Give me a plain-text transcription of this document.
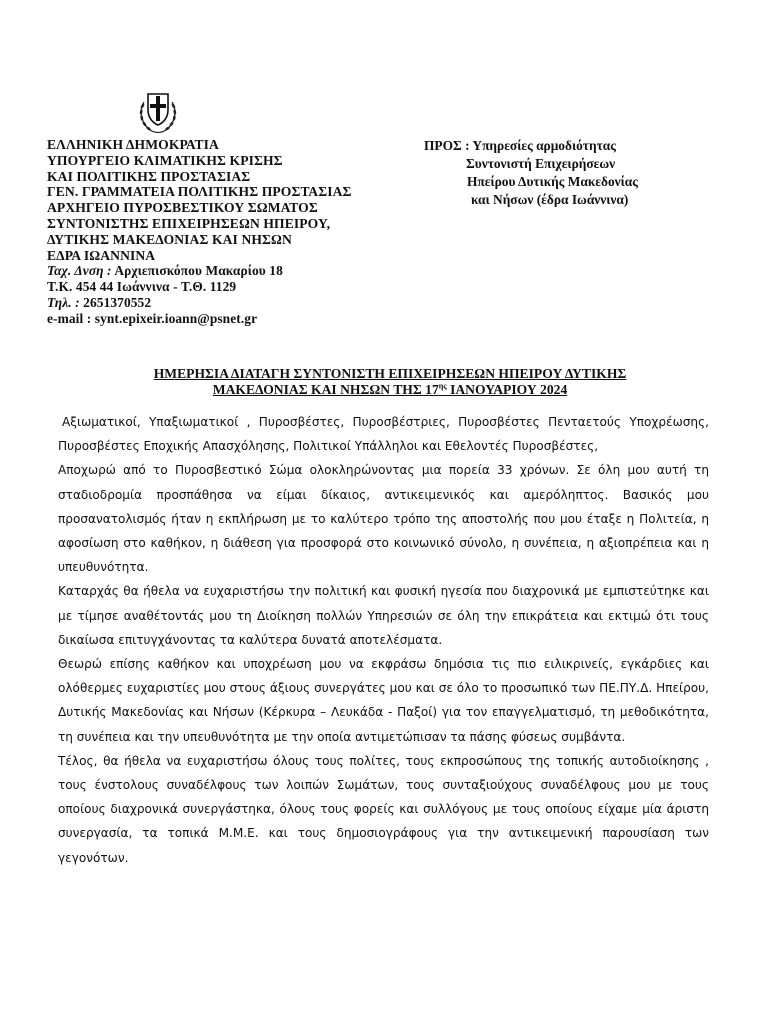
ΕΛΛΗΝΙΚΗ ΔΗΜΟΚΡΑΤΙΑ
ΥΠΟΥΡΓΕΙΟ ΚΛΙΜΑΤΙΚΗΣ ΚΡΙΣΗΣ
ΚΑΙ ΠΟΛΙΤΙΚΗΣ ΠΡΟΣΤΑΣΙΑΣ
ΓΕΝ. ΓΡΑΜΜΑΤΕΙΑ ΠΟΛΙΤΙΚΗΣ ΠΡΟΣΤΑΣΙΑΣ
ΑΡΧΗΓΕΙΟ ΠΥΡΟΣΒΕΣΤΙΚΟΥ ΣΩΜΑΤΟΣ
ΣΥΝΤΟΝΙΣΤΗΣ ΕΠΙΧΕΙΡΗΣΕΩΝ ΗΠΕΙΡΟΥ,
ΔΥΤΙΚΗΣ ΜΑΚΕΔΟΝΙΑΣ ΚΑΙ ΝΗΣΩΝ
ΕΔΡΑ ΙΩΑΝΝΙΝΑ
Ταχ. Δνση : Αρχιεπισκόπου Μακαρίου 18
Τ.Κ. 454 44 Ιωάννινα - Τ.Θ. 1129
Τηλ. : 2651370552
e-mail : synt.epixeir.ioann@psnet.gr
ΠΡΟΣ : Υπηρεσίες αρμοδιότητας
Συντονιστή Επιχειρήσεων
Ηπείρου Δυτικής Μακεδονίας
και Νήσων (έδρα Ιωάννινα)
ΗΜΕΡΗΣΙΑ ΔΙΑΤΑΓΗ ΣΥΝΤΟΝΙΣΤΗ ΕΠΙΧΕΙΡΗΣΕΩΝ ΗΠΕΙΡΟΥ ΔΥΤΙΚΗΣ
ΜΑΚΕΔΟΝΙΑΣ ΚΑΙ ΝΗΣΩΝ ΤΗΣ $17^{\eta\varsigma}$ ΙΑΝΟΥΑΡΙΟΥ 2024

Αξιωματικοί, Υπαξιωματικοί , Πυροσβέστες, Πυροσβέστριες, Πυροσβέστες Πενταετούς Υποχρέωσης, Πυροσβέστες Εποχικής Απασχόλησης, Πολιτικοί Υπάλληλοι και Εθελοντές Πυροσβέστες,

Αποχωρώ από το Πυροσβεστικό Σώμα ολοκληρώνοντας μια πορεία 33 χρόνων. Σε όλη μου αυτή τη σταδιοδρομία προσπάθησα να είμαι δίκαιος, αντικειμενικός και αμερόληπτος. Βασικός μου προσανατολισμός ήταν η εκπλήρωση με το καλύτερο τρόπο της αποστολής που μου έταξε η Πολιτεία, η αφοσίωση στο καθήκον, η διάθεση για προσφορά στο κοινωνικό σύνολο, η συνέπεια, η αξιοπρέπεια και η υπευθυνότητα.

Καταρχάς θα ήθελα να ευχαριστήσω την πολιτική και φυσική ηγεσία που διαχρονικά με εμπιστεύτηκε και με τίμησε αναθέτοντάς μου τη Διοίκηση πολλών Υπηρεσιών σε όλη την επικράτεια και εκτιμώ ότι τους δικαίωσα επιτυγχάνοντας τα καλύτερα δυνατά αποτελέσματα.

Θεωρώ επίσης καθήκον και υποχρέωση μου να εκφράσω δημόσια τις πιο ειλικρινείς, εγκάρδιες και ολόθερμες ευχαριστίες μου στους άξιους συνεργάτες μου και σε όλο το προσωπικό των ΠΕ.ΠΥ.Δ. Ηπείρου, Δυτικής Μακεδονίας και Νήσων (Κέρκυρα – Λευκάδα - Παξοί) για τον επαγγελματισμό, τη μεθοδικότητα, τη συνέπεια και την υπευθυνότητα με την οποία αντιμετώπισαν τα πάσης φύσεως συμβάντα.

Τέλος, θα ήθελα να ευχαριστήσω όλους τους πολίτες, τους εκπροσώπους της τοπικής αυτοδιοίκησης , τους ένστολους συναδέλφους των λοιπών Σωμάτων, τους συνταξιούχους συναδέλφους μου με τους οποίους διαχρονικά συνεργάστηκα, όλους τους φορείς και συλλόγους με τους οποίους είχαμε μία άριστη συνεργασία, τα τοπικά Μ.Μ.Ε. και τους δημοσιογράφους για την αντικειμενική παρουσίαση των γεγονότων.
